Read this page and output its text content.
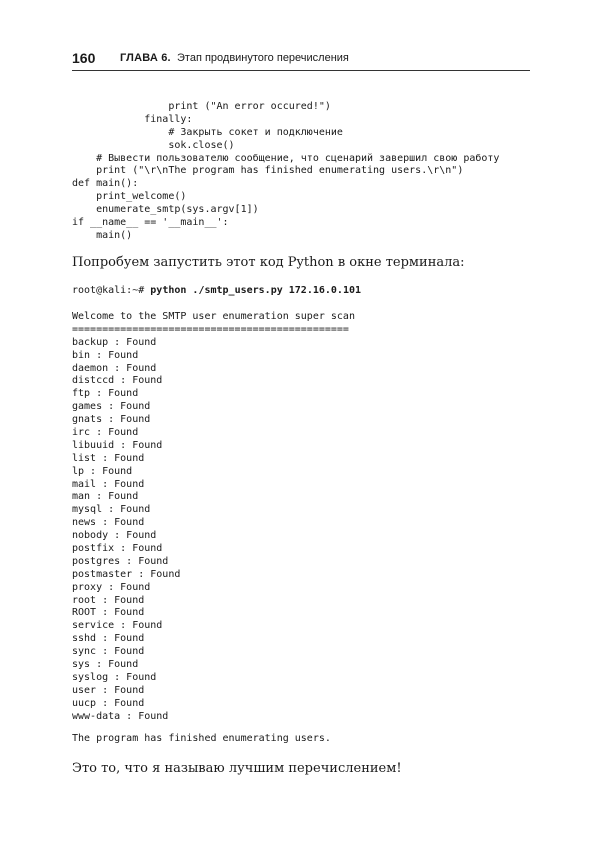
160 ГЛАВА 6. Этап продвинутого перечисления
print ("An error occured!")
finally:
# Закрыть сокет и подключение
sok.close()
# Вывести пользователю сообщение, что сценарий завершил свою работу
print ("\r\nThe program has finished enumerating users.\r\n")
def main():
print_welcome()
enumerate_smtp(sys.argv[1])
if __name__ == '__main__':
main()

Попробуем запустить этот код Python в окне терминала:

root@kali:~# python ./smtp_users.py 172.16.0.101
Welcome to the SMTP user enumeration super scan
==============================================
backup : Found
bin : Found
daemon : Found
distccd : Found
ftp : Found
games : Found
gnats : Found
irc : Found
libuuid : Found
list : Found
lp : Found
mail : Found
man : Found
mysql : Found
news : Found
nobody : Found
postfix : Found
postgres : Found
postmaster : Found
proxy : Found
root : Found
ROOT : Found
service : Found
sshd : Found
sync : Found
sys : Found
syslog : Found
user : Found
uucp : Found
www-data : Found
The program has finished enumerating users.

Это то, что я называю лучшим перечислением!
